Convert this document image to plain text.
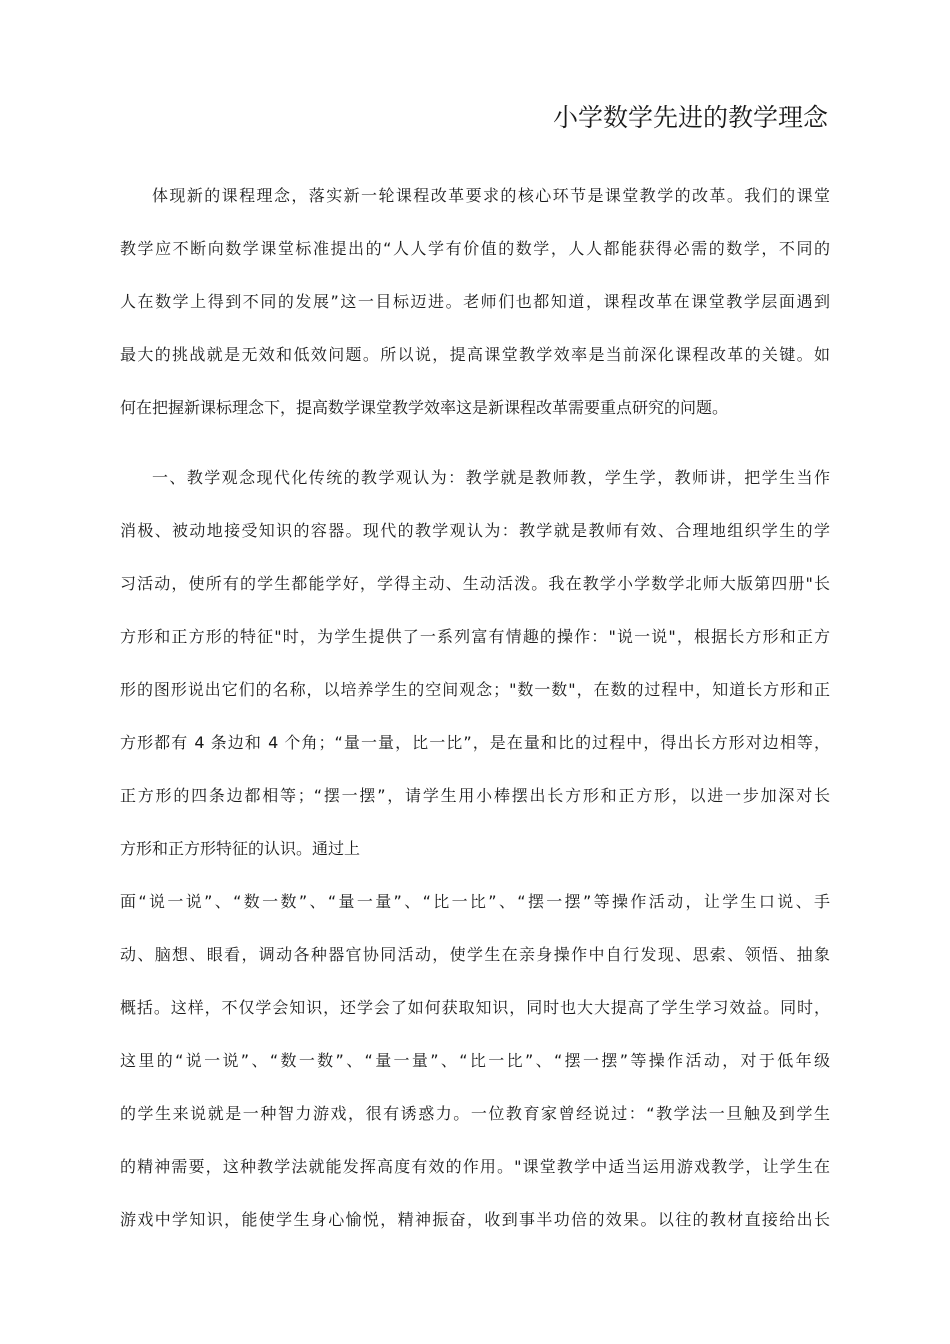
小学数学先进的教学理念
体现新的课程理念，落实新一轮课程改革要求的核心环节是课堂教学的改革。我们的课堂
教学应不断向数学课堂标准提出的“人人学有价值的数学，人人都能获得必需的数学，不同的
人在数学上得到不同的发展”这一目标迈进。老师们也都知道，课程改革在课堂教学层面遇到
最大的挑战就是无效和低效问题。所以说，提高课堂教学效率是当前深化课程改革的关键。如
何在把握新课标理念下，提高数学课堂教学效率这是新课程改革需要重点研究的问题。
一、教学观念现代化传统的教学观认为：教学就是教师教，学生学，教师讲，把学生当作
消极、被动地接受知识的容器。现代的教学观认为：教学就是教师有效、合理地组织学生的学
习活动，使所有的学生都能学好，学得主动、生动活泼。我在教学小学数学北师大版第四册"长
方形和正方形的特征"时，为学生提供了一系列富有情趣的操作："说一说"，根据长方形和正方
形的图形说出它们的名称，以培养学生的空间观念；"数一数"，在数的过程中，知道长方形和正
方形都有 4 条边和 4 个角；“量一量，比一比”，是在量和比的过程中，得出长方形对边相等，
正方形的四条边都相等；“摆一摆”，请学生用小棒摆出长方形和正方形，以进一步加深对长
方形和正方形特征的认识。通过上
面“说一说”、“数一数”、“量一量”、“比一比”、“摆一摆”等操作活动，让学生口说、手
动、脑想、眼看，调动各种器官协同活动，使学生在亲身操作中自行发现、思索、领悟、抽象
概括。这样，不仅学会知识，还学会了如何获取知识，同时也大大提高了学生学习效益。同时，
这里的“说一说”、“数一数”、“量一量”、“比一比”、“摆一摆”等操作活动，对于低年级
的学生来说就是一种智力游戏，很有诱惑力。一位教育家曾经说过：“教学法一旦触及到学生
的精神需要，这种教学法就能发挥高度有效的作用。"课堂教学中适当运用游戏教学，让学生在
游戏中学知识，能使学生身心愉悦，精神振奋，收到事半功倍的效果。以往的教材直接给出长
